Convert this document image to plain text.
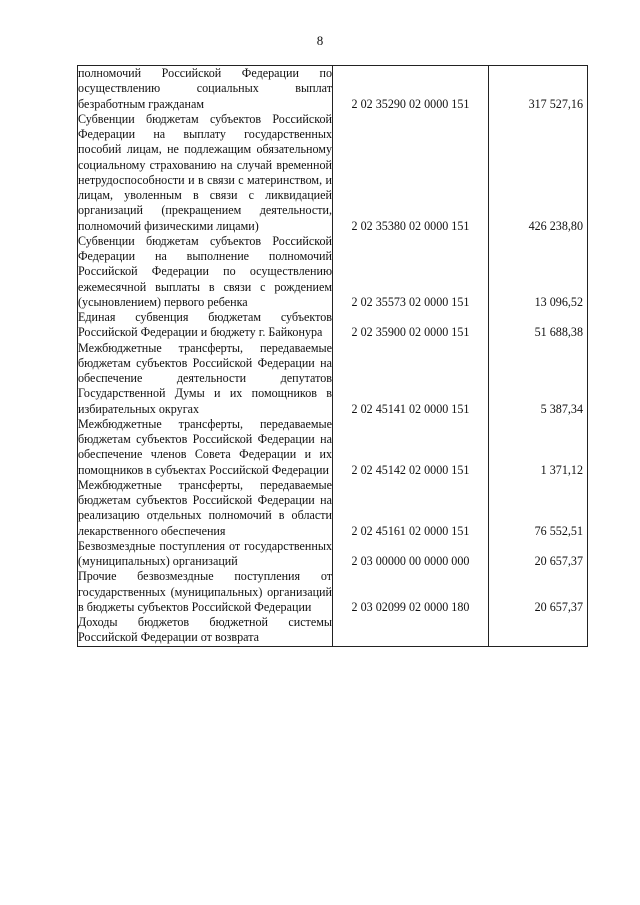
8
полномочий Российской Федерации по осуществлению социальных выплат безработным гражданам	2 02 35290 02 0000 151	317 527,16
Субвенции бюджетам субъектов Российской Федерации на выплату государственных пособий лицам, не подлежащим обязательному социальному страхованию на случай временной нетрудоспособности и в связи с материнством, и лицам, уволенным в связи с ликвидацией организаций (прекращением деятельности, полномочий физическими лицами)	2 02 35380 02 0000 151	426 238,80
Субвенции бюджетам субъектов Российской Федерации на выполнение полномочий Российской Федерации по осуществлению ежемесячной выплаты в связи с рождением (усыновлением) первого ребенка	2 02 35573 02 0000 151	13 096,52
Единая субвенция бюджетам субъектов Российской Федерации и бюджету г. Байконура	2 02 35900 02 0000 151	51 688,38
Межбюджетные трансферты, передаваемые бюджетам субъектов Российской Федерации на обеспечение деятельности депутатов Государственной Думы и их помощников в избирательных округах	2 02 45141 02 0000 151	5 387,34
Межбюджетные трансферты, передаваемые бюджетам субъектов Российской Федерации на обеспечение членов Совета Федерации и их помощников в субъектах Российской Федерации	2 02 45142 02 0000 151	1 371,12
Межбюджетные трансферты, передаваемые бюджетам субъектов Российской Федерации на реализацию отдельных полномочий в области лекарственного обеспечения	2 02 45161 02 0000 151	76 552,51
Безвозмездные поступления от государственных (муниципальных) организаций	2 03 00000 00 0000 000	20 657,37
Прочие безвозмездные поступления от государственных (муниципальных) организаций в бюджеты субъектов Российской Федерации	2 03 02099 02 0000 180	20 657,37
Доходы бюджетов бюджетной системы Российской Федерации от возврата		
